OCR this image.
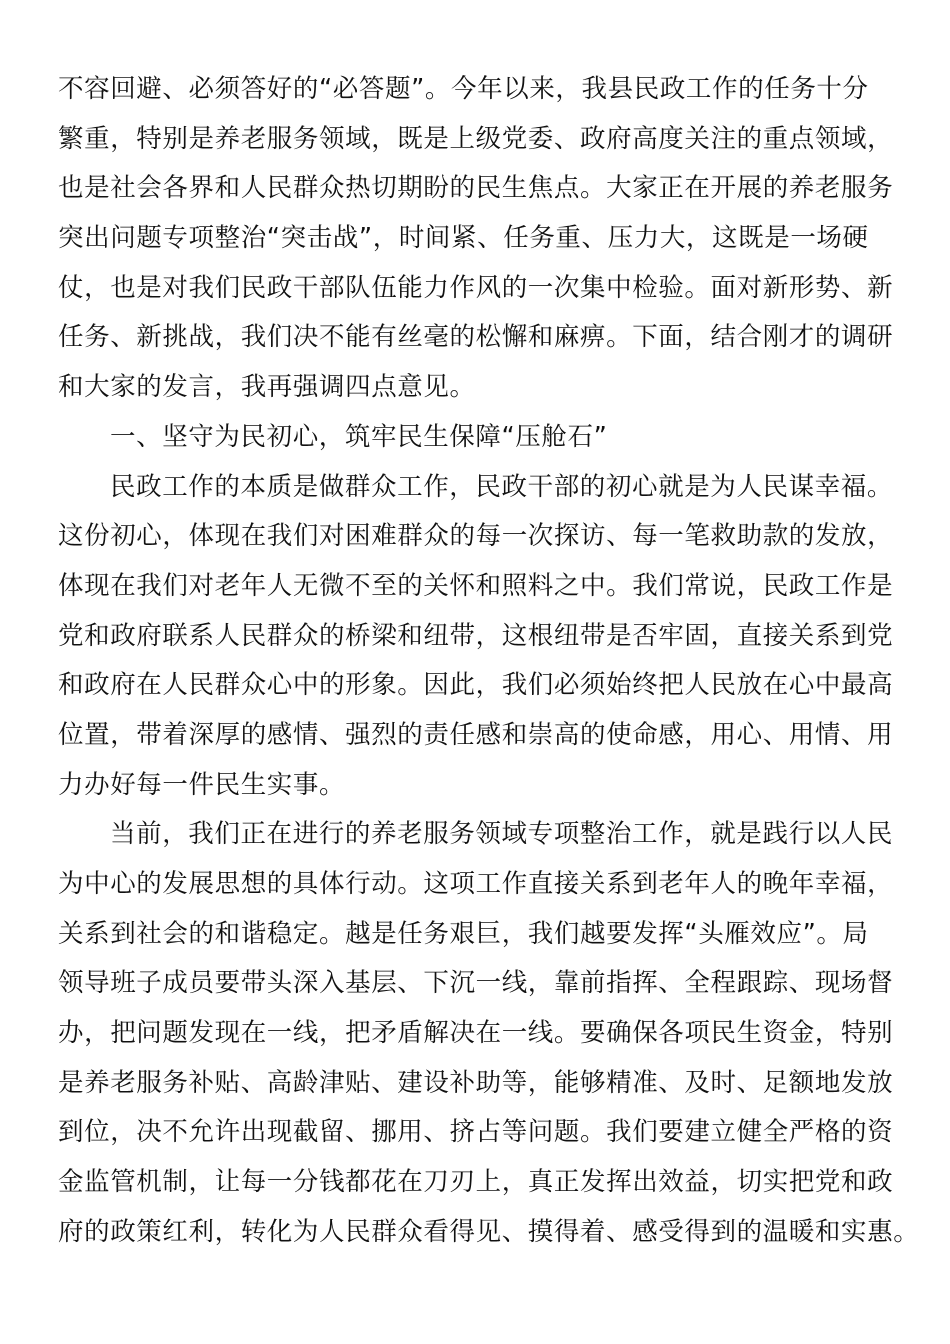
不容回避、必须答好的“必答题”。今年以来，我县民政工作的任务十分
繁重，特别是养老服务领域，既是上级党委、政府高度关注的重点领域，
也是社会各界和人民群众热切期盼的民生焦点。大家正在开展的养老服务
突出问题专项整治“突击战”，时间紧、任务重、压力大，这既是一场硬
仗，也是对我们民政干部队伍能力作风的一次集中检验。面对新形势、新
任务、新挑战，我们决不能有丝毫的松懈和麻痹。下面，结合刚才的调研
和大家的发言，我再强调四点意见。
一、坚守为民初心，筑牢民生保障“压舱石”
民政工作的本质是做群众工作，民政干部的初心就是为人民谋幸福。
这份初心，体现在我们对困难群众的每一次探访、每一笔救助款的发放，
体现在我们对老年人无微不至的关怀和照料之中。我们常说，民政工作是
党和政府联系人民群众的桥梁和纽带，这根纽带是否牢固，直接关系到党
和政府在人民群众心中的形象。因此，我们必须始终把人民放在心中最高
位置，带着深厚的感情、强烈的责任感和崇高的使命感，用心、用情、用
力办好每一件民生实事。
当前，我们正在进行的养老服务领域专项整治工作，就是践行以人民
为中心的发展思想的具体行动。这项工作直接关系到老年人的晚年幸福，
关系到社会的和谐稳定。越是任务艰巨，我们越要发挥“头雁效应”。局
领导班子成员要带头深入基层、下沉一线，靠前指挥、全程跟踪、现场督
办，把问题发现在一线，把矛盾解决在一线。要确保各项民生资金，特别
是养老服务补贴、高龄津贴、建设补助等，能够精准、及时、足额地发放
到位，决不允许出现截留、挪用、挤占等问题。我们要建立健全严格的资
金监管机制，让每一分钱都花在刀刃上，真正发挥出效益，切实把党和政
府的政策红利，转化为人民群众看得见、摸得着、感受得到的温暖和实惠。
